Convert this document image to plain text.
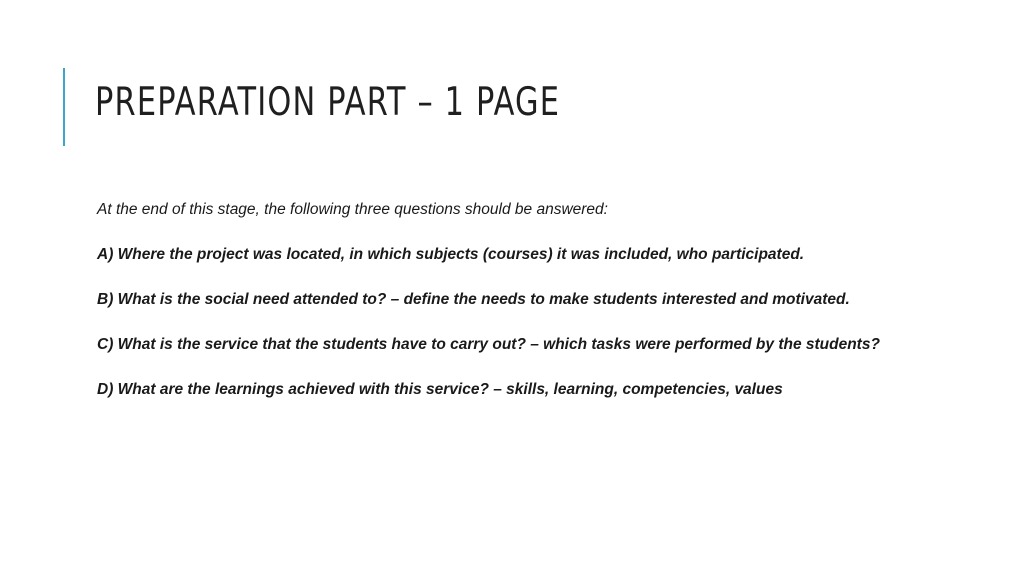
PREPARATION PART – 1 PAGE

At the end of this stage, the following three questions should be answered:

A) Where the project was located, in which subjects (courses) it was included, who participated.

B) What is the social need attended to? – define the needs to make students interested and motivated.

C) What is the service that the students have to carry out? – which tasks were performed by the students?

D) What are the learnings achieved with this service? – skills, learning, competencies, values
